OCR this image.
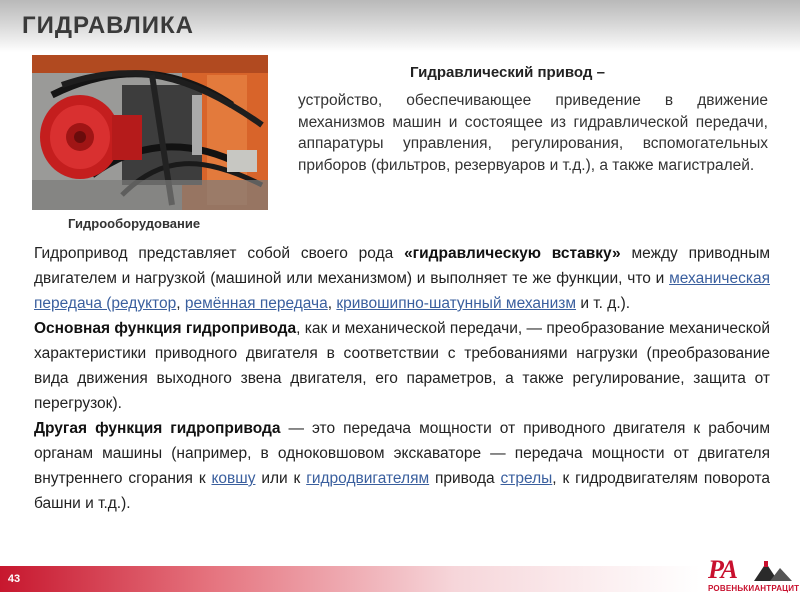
ГИДРАВЛИКА
Гидрооборудование
Гидравлический привод –
устройство, обеспечивающее приведение в движение механизмов машин и состоящее из гидравлической передачи, аппаратуры управления, регулирования, вспомогательных приборов (фильтров, резервуаров и т.д.), а также магистралей.

Гидропривод представляет собой своего рода «гидравлическую вставку» между приводным двигателем и нагрузкой (машиной или механизмом) и выполняет те же функции, что и механическая передача (редуктор, ремённая передача, кривошипно-шатунный механизм и т. д.).

Основная функция гидропривода, как и механической передачи, — преобразование механической характеристики приводного двигателя в соответствии с требованиями нагрузки (преобразование вида движения выходного звена двигателя, его параметров, а также регулирование, защита от перегрузок).

Другая функция гидропривода — это передача мощности от приводного двигателя к рабочим органам машины (например, в одноковшовом экскаваторе — передача мощности от двигателя внутреннего сгорания к ковшу или к гидродвигателям привода стрелы, к гидродвигателям поворота башни и т.д.).

43	РА
РОВЕНЬКИАНТРАЦИТ
